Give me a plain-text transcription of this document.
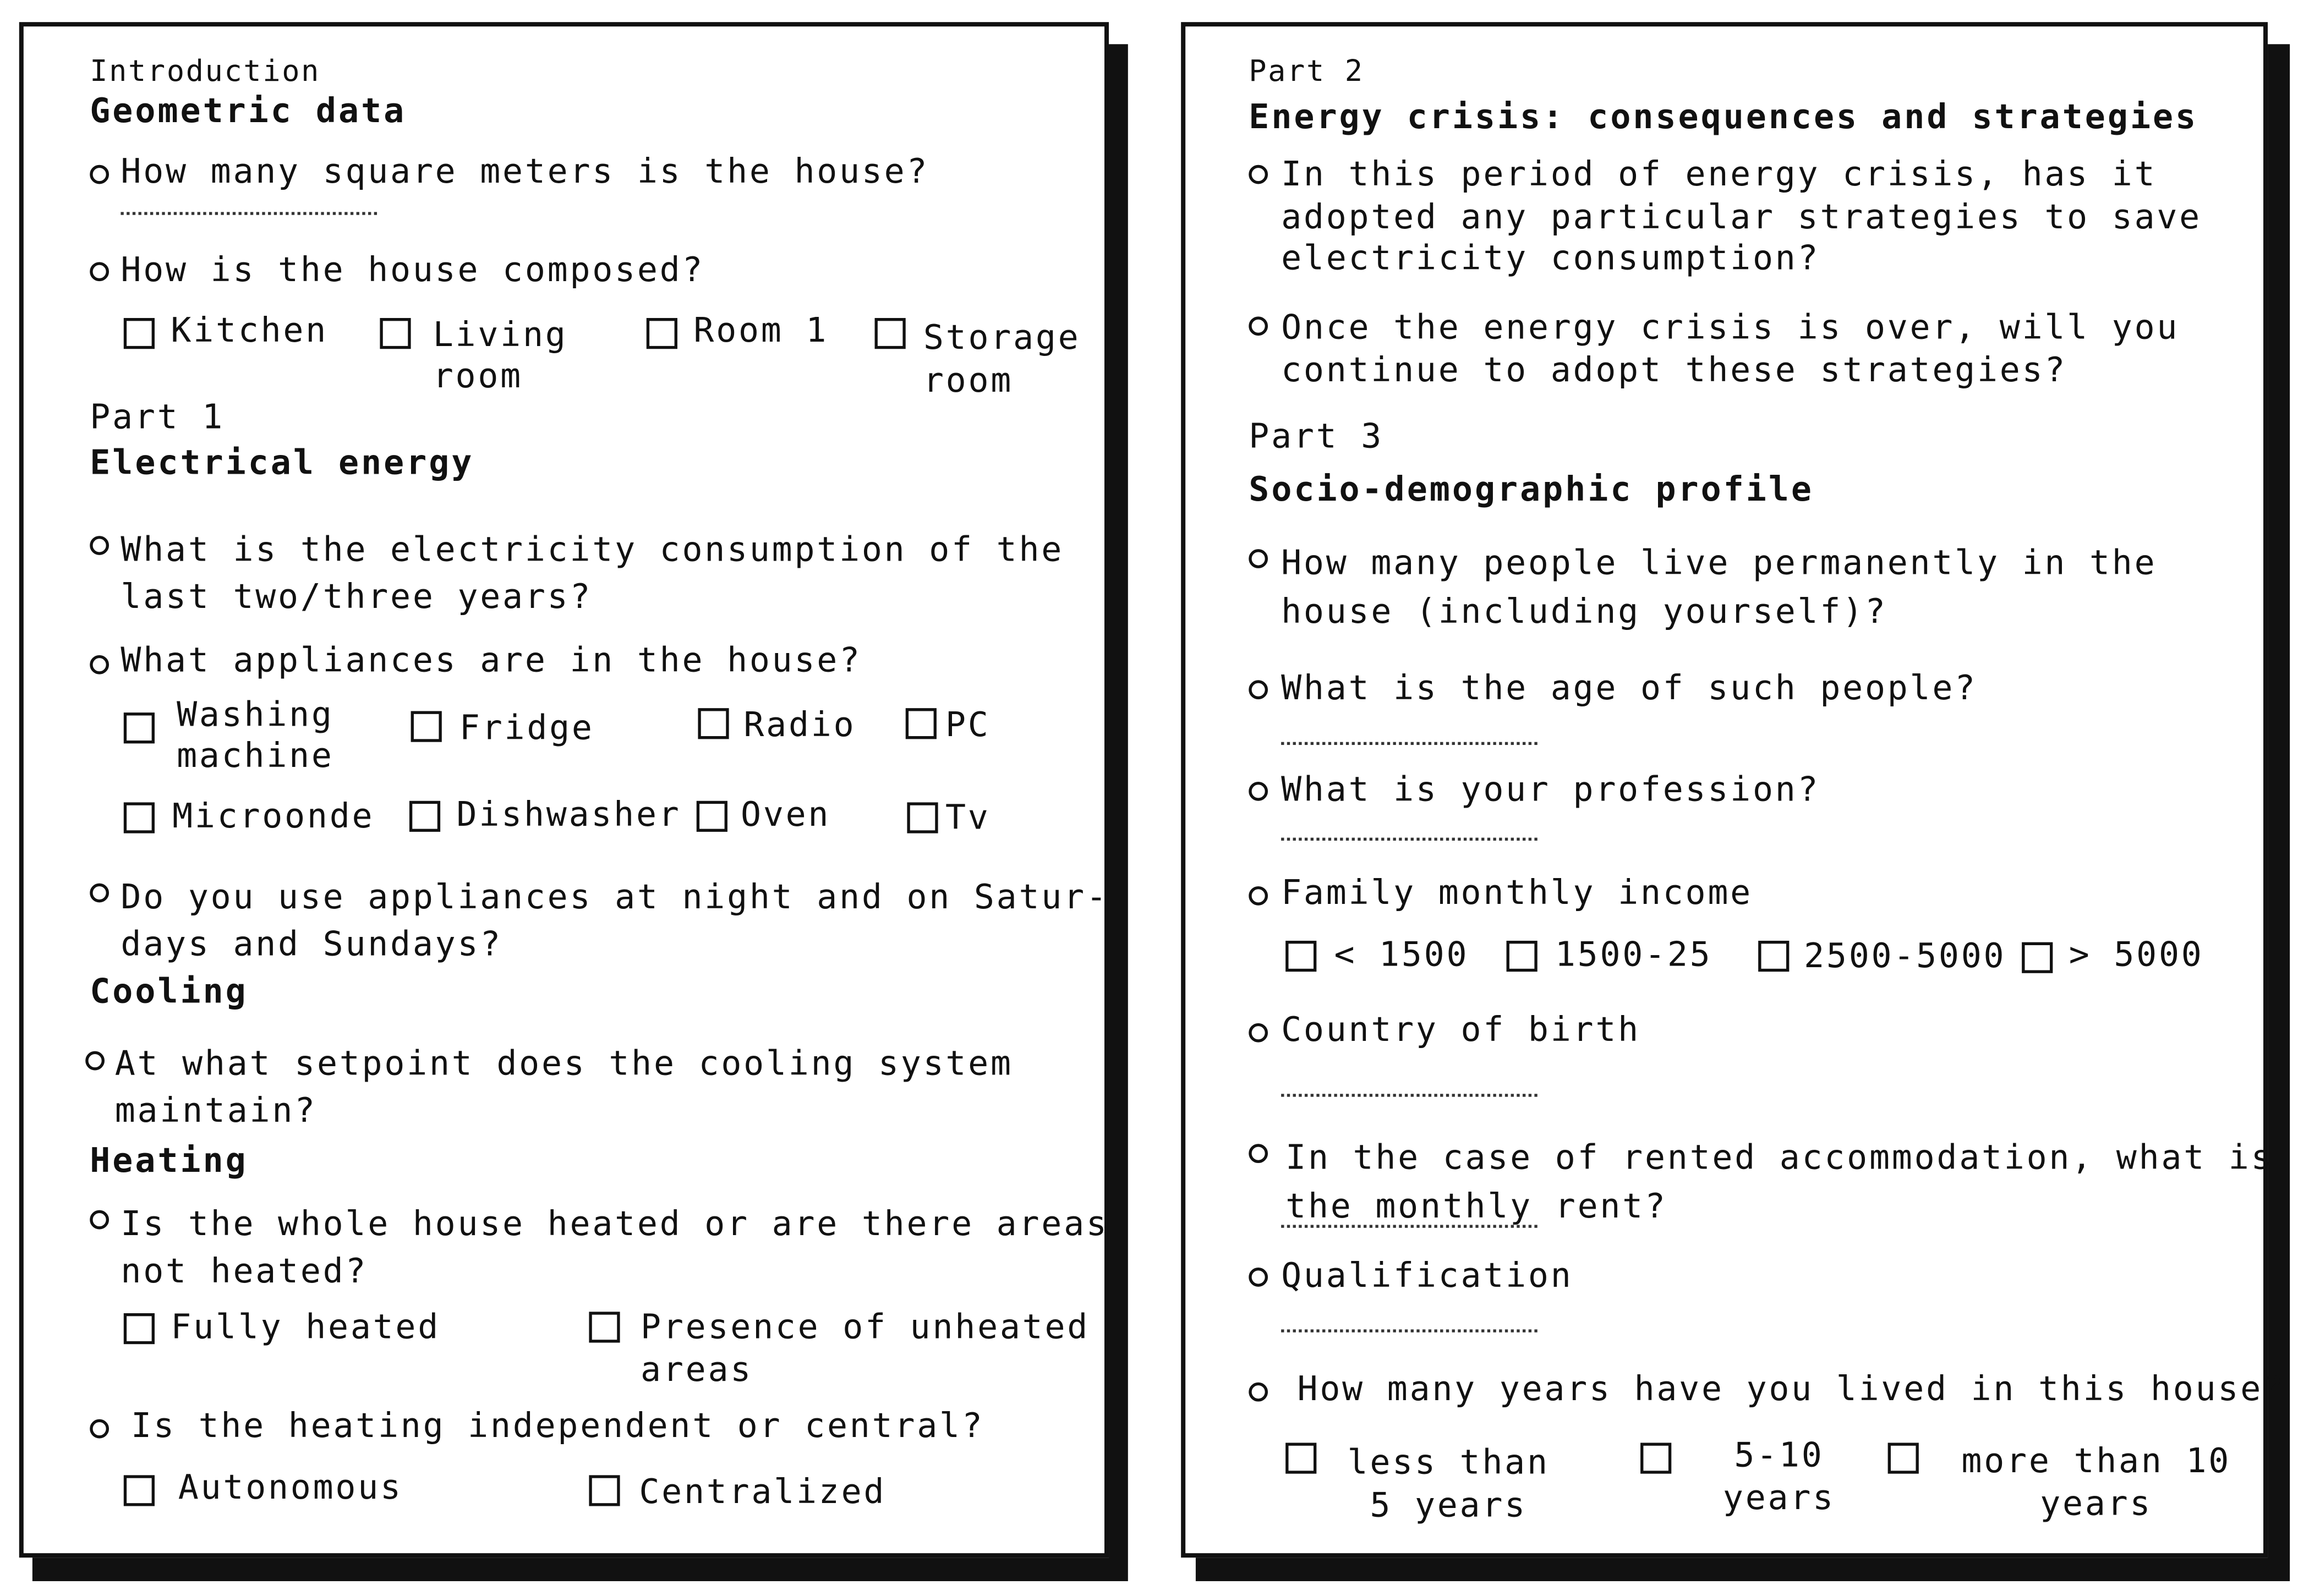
Introduction
Geometric data
How many square meters is the house?
How is the house composed?
Kitchen	Living
room
Room 1	Storage
room
Part 1
Electrical energy
What is the electricity consumption of the
last two/three years?
What appliances are in the house?
Washing
machine
Fridge	Radio	PC
Microonde	Dishwasher	Oven	Tv
Do you use appliances at night and on Satur-
days and Sundays?
Cooling
At what setpoint does the cooling system
maintain?
Heating
Is the whole house heated or are there areas
not heated?
Fully heated	Presence of unheated
areas
Is the heating independent or central?
Autonomous	Centralized
Part 2
Energy crisis: consequences and strategies
In this period of energy crisis, has it
adopted any particular strategies to save
electricity consumption?
Once the energy crisis is over, will you
continue to adopt these strategies?
Part 3
Socio-demographic profile
How many people live permanently in the
house (including yourself)?
What is the age of such people?
What is your profession?
Family monthly income
< 1500	1500-25	2500-5000	> 5000
Country of birth
In the case of rented accommodation, what is
the monthly rent?
Qualification
How many years have you lived in this house?
less than
5 years
5-10
years
more than 10
years
